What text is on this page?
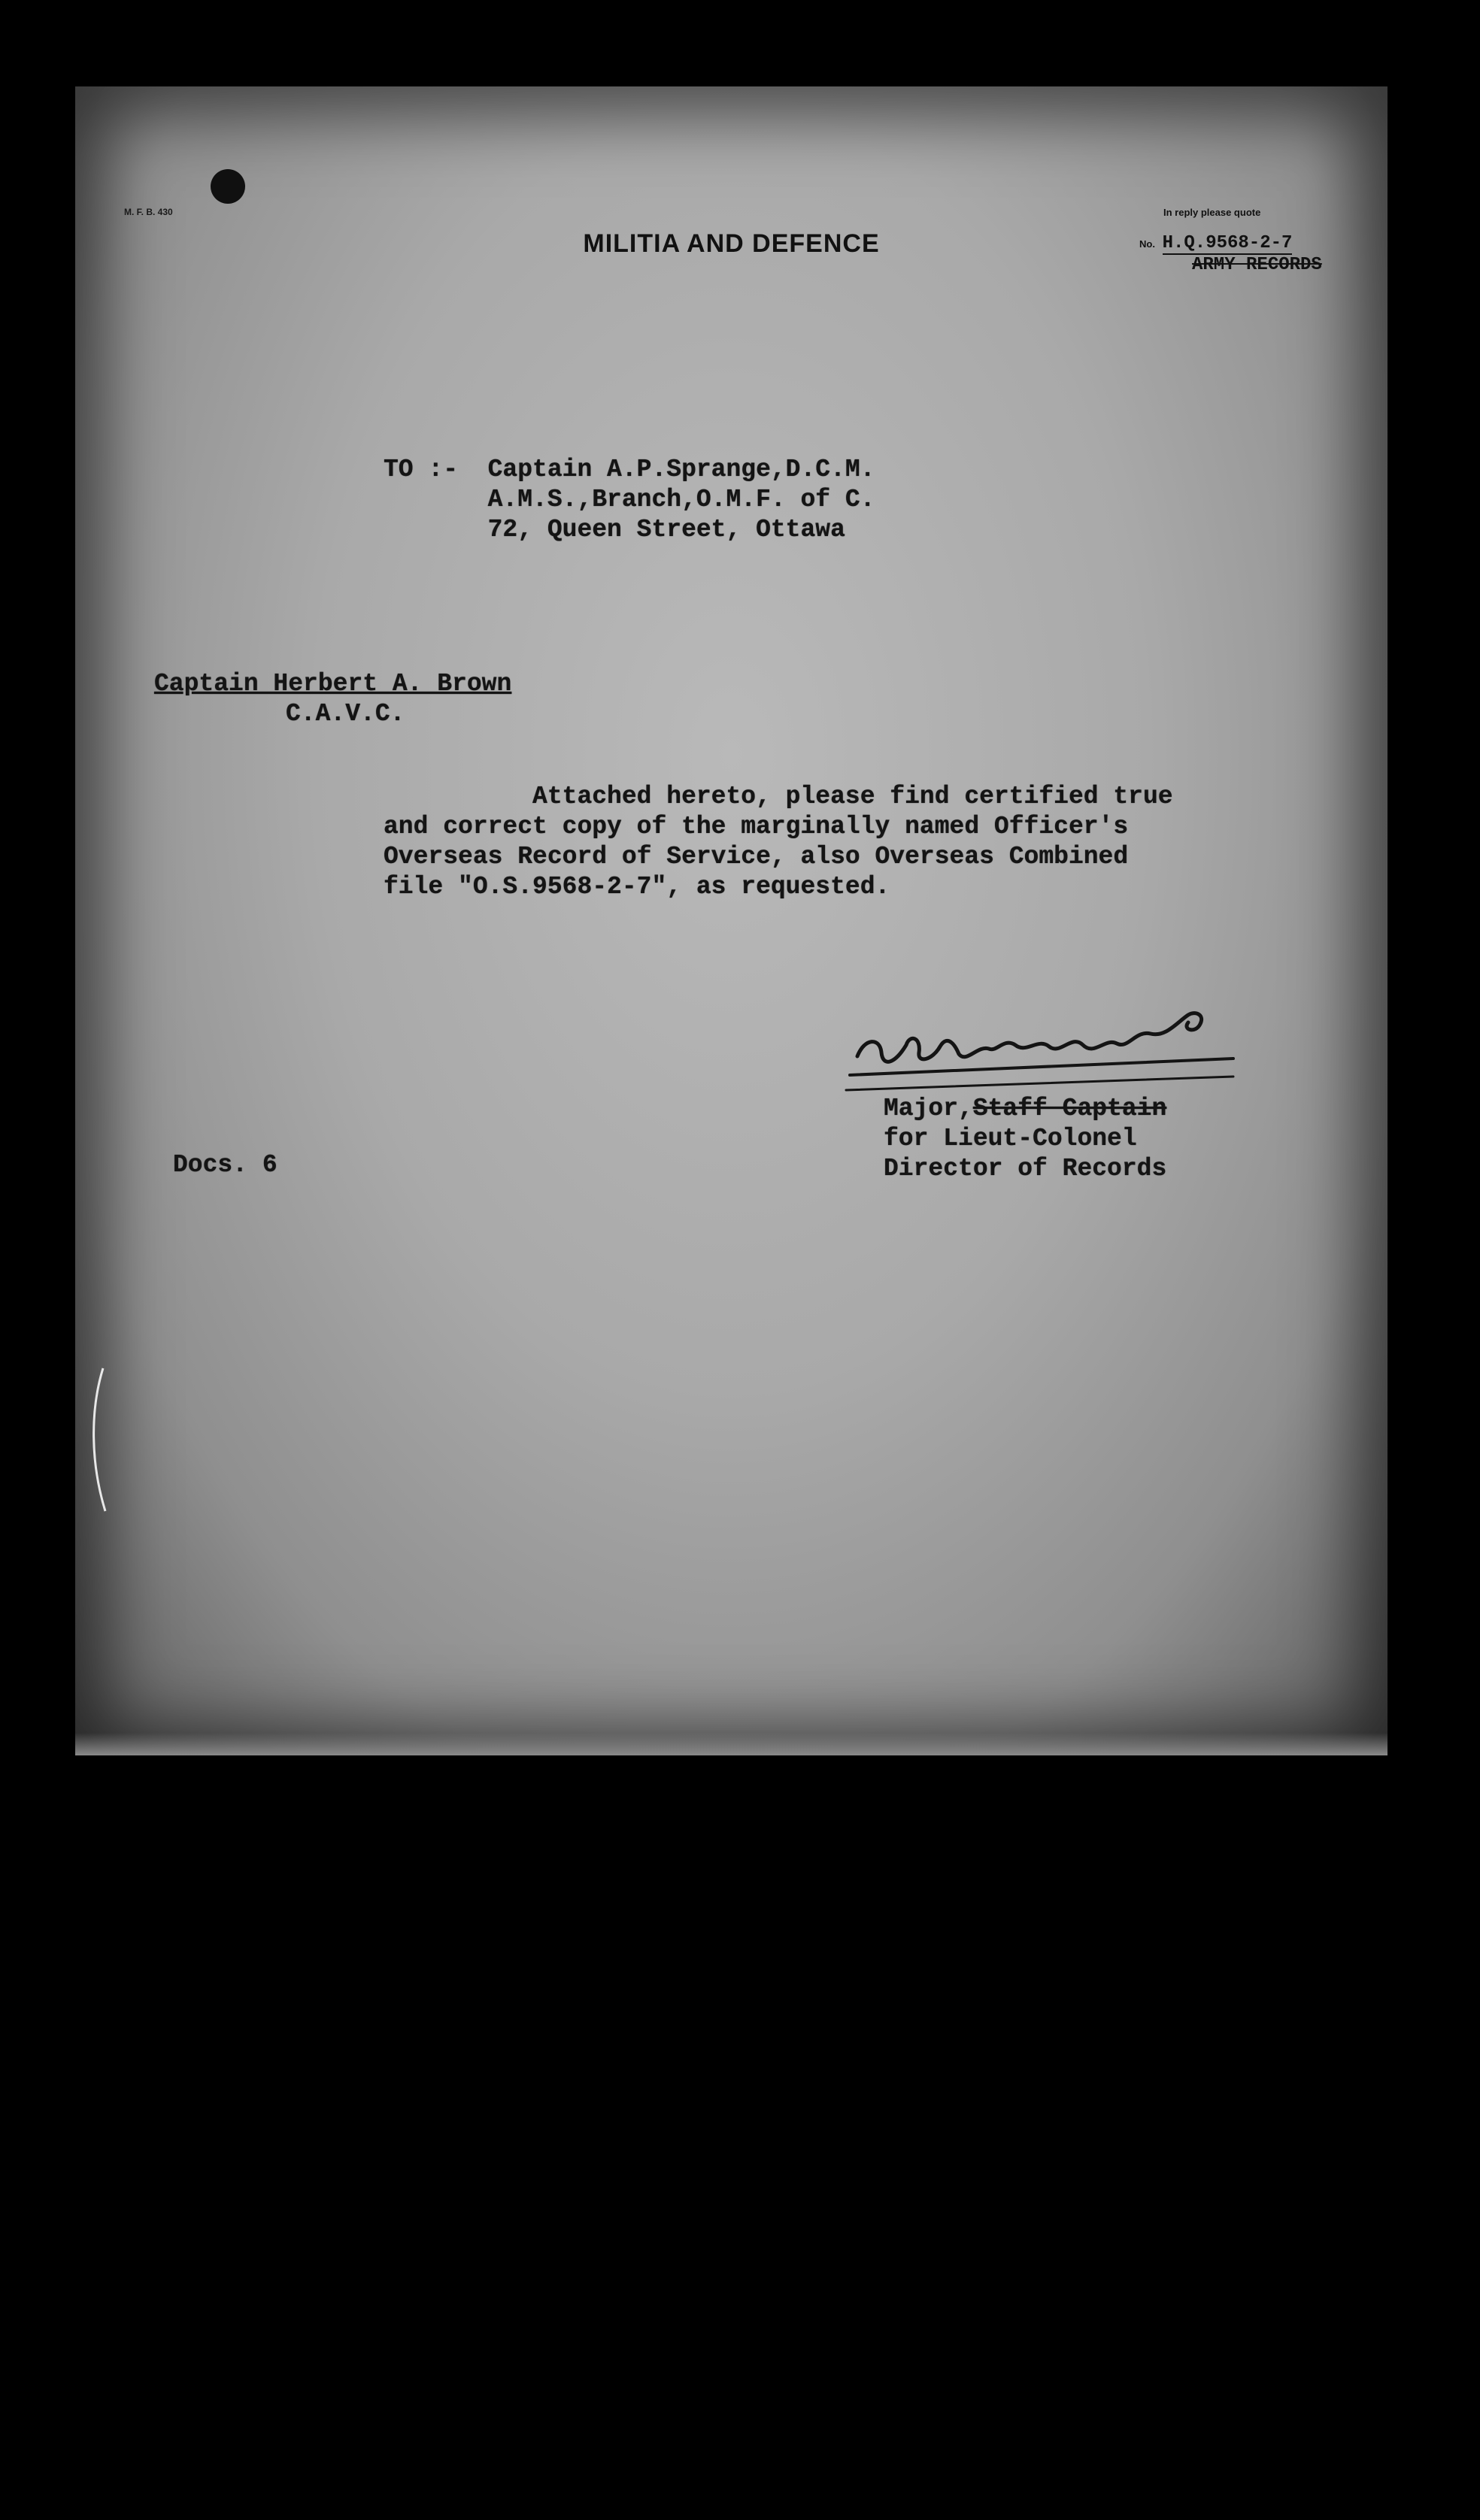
M. F. B. 430
MILITIA AND DEFENCE
In reply please quote
No. H.Q.9568-2-7
ARMY RECORDS
TO :-  Captain A.P.Sprange,D.C.M.
A.M.S.,Branch,O.M.F. of C.
72, Queen Street, Ottawa
Captain Herbert A. Brown
C.A.V.C.
Attached hereto, please find certified true
and correct copy of the marginally named Officer's
Overseas Record of Service, also Overseas Combined
file "O.S.9568-2-7", as requested.
Major,Staff Captain
for Lieut-Colonel
Director of Records
Docs. 6
